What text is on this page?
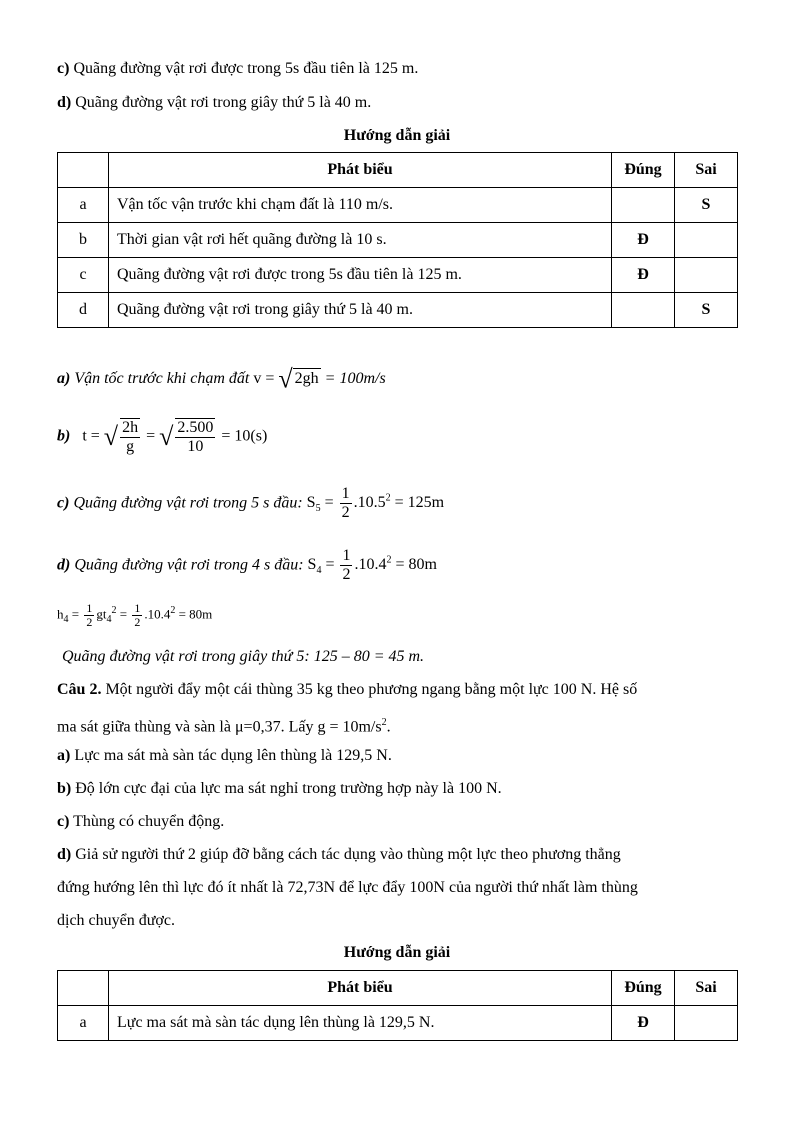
c) Quãng đường vật rơi được trong 5s đầu tiên là 125 m.
d) Quãng đường vật rơi trong giây thứ 5 là 40 m.
Hướng dẫn giải
	Phát biểu	Đúng	Sai
a	Vận tốc vận trước khi chạm đất là 110 m/s.		S
b	Thời gian vật rơi hết quãng đường là 10 s.	Đ	
c	Quãng đường vật rơi được trong 5s đầu tiên là 125 m.	Đ	
d	Quãng đường vật rơi trong giây thứ 5 là 40 m.		S
a) Vận tốc trước khi chạm đất v = √ 2gh = 100m/s
b) t = √ $\frac{2h}{g}$ = √ $\frac{2.500}{10} = 10(s)$
c) Quãng đường vật rơi trong 5 s đầu: $S_5 = \frac{1}{2} .10.5^2 = 125m$
d) Quãng đường vật rơi trong 4 s đầu: $S_4 = \frac{1}{2} .10.4^2 = 80m$
$h_4 = \frac{1}{2} gt_4^2 = \frac{1}{2} .10.4^2 = 80m$
Quãng đường vật rơi trong giây thứ 5: 125 – 80 = 45 m.
Câu 2. Một người đẩy một cái thùng 35 kg theo phương ngang bằng một lực 100 N. Hệ số
ma sát giữa thùng và sàn là μ=0,37. Lấy $g = 10m/s^2$.
a) Lực ma sát mà sàn tác dụng lên thùng là 129,5 N.
b) Độ lớn cực đại của lực ma sát nghỉ trong trường hợp này là 100 N.
c) Thùng có chuyển động.
d) Giả sử người thứ 2 giúp đỡ bằng cách tác dụng vào thùng một lực theo phương thẳng
đứng hướng lên thì lực đó ít nhất là 72,73N để lực đẩy 100N của người thứ nhất làm thùng
dịch chuyển được.
Hướng dẫn giải
	Phát biểu	Đúng	Sai
a	Lực ma sát mà sàn tác dụng lên thùng là 129,5 N.	Đ	
